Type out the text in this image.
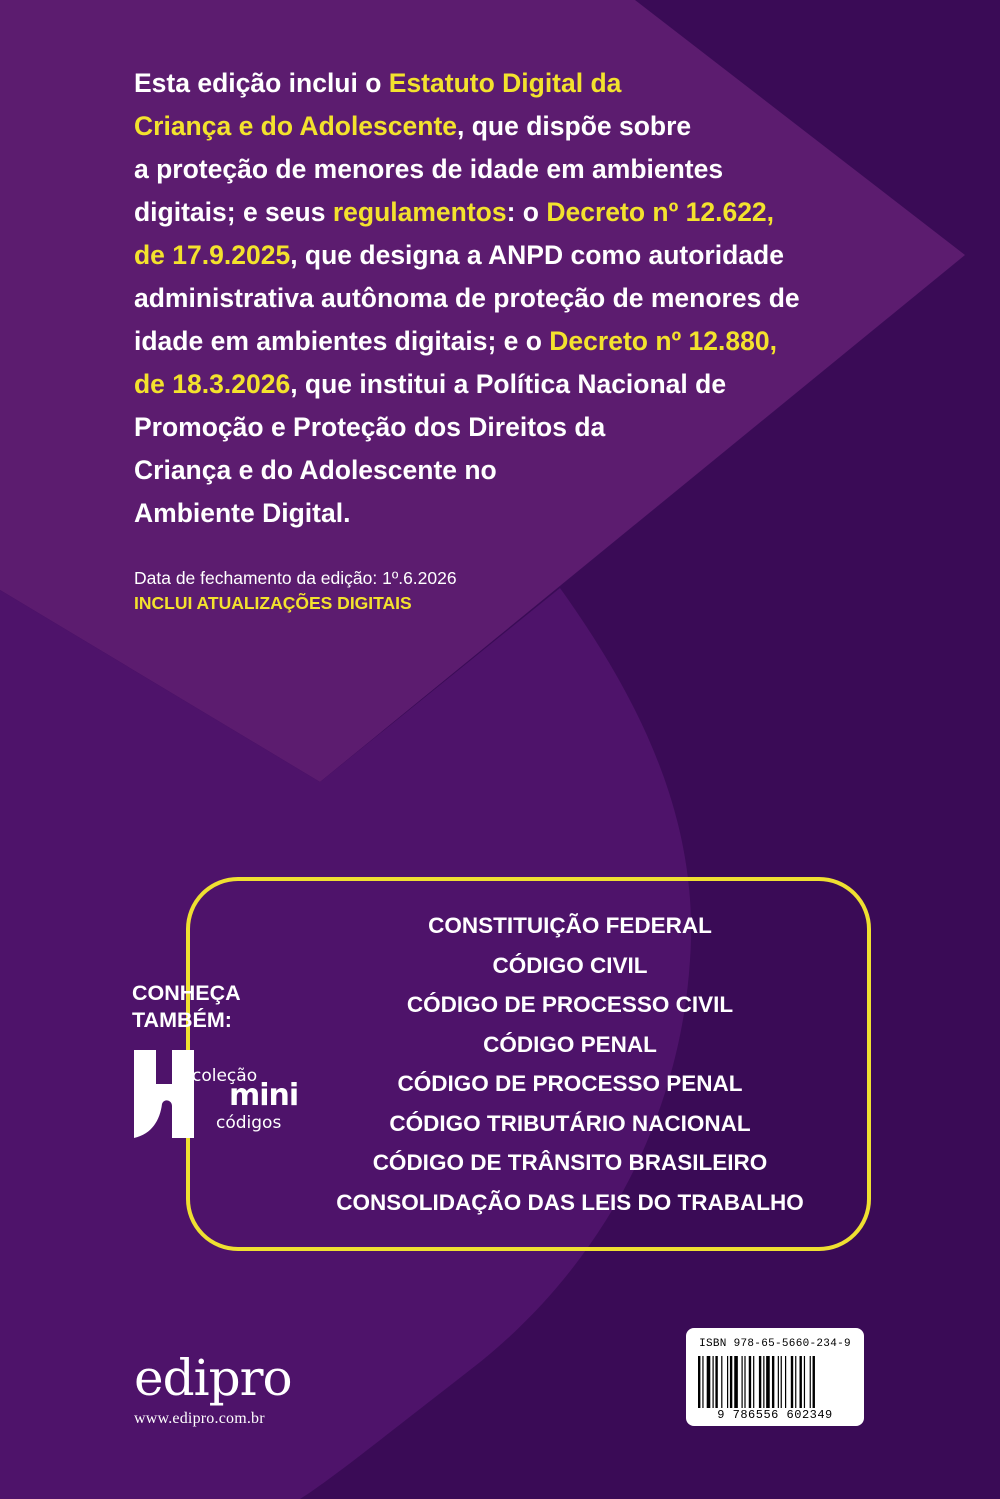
Esta edição inclui o Estatuto Digital da
Criança e do Adolescente, que dispõe sobre
a proteção de menores de idade em ambientes
digitais; e seus regulamentos: o Decreto nº 12.622,
de 17.9.2025, que designa a ANPD como autoridade
administrativa autônoma de proteção de menores de
idade em ambientes digitais; e o Decreto nº 12.880,
de 18.3.2026, que institui a Política Nacional de
Promoção e Proteção dos Direitos da
Criança e do Adolescente no
Ambiente Digital.
Data de fechamento da edição: 1º.6.2026
INCLUI ATUALIZAÇÕES DIGITAIS
CONHEÇA
TAMBÉM:
coleção
mini
códigos
CONSTITUIÇÃO FEDERAL
CÓDIGO CIVIL
CÓDIGO DE PROCESSO CIVIL
CÓDIGO PENAL
CÓDIGO DE PROCESSO PENAL
CÓDIGO TRIBUTÁRIO NACIONAL
CÓDIGO DE TRÂNSITO BRASILEIRO
CONSOLIDAÇÃO DAS LEIS DO TRABALHO
edipro
www.edipro.com.br
ISBN 978-65-5660-234-9
9 786556 602349
